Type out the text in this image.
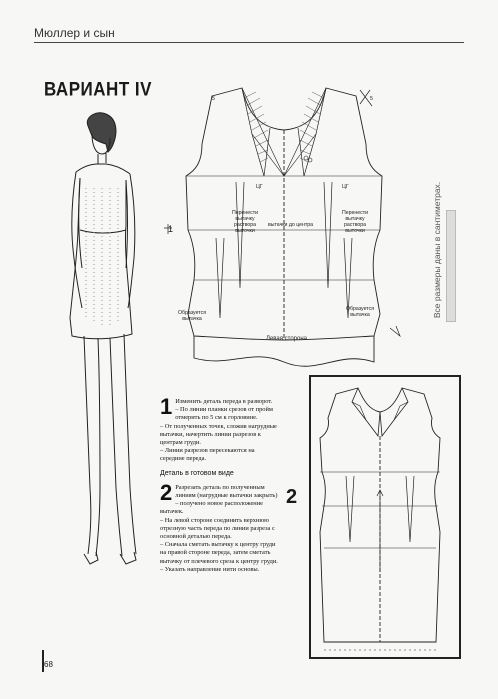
Мюллер и сын
ВАРИАНТ IV	5	5
ЦГ	ЦГ
Перенести
вытачку
раствора
выточки
вытачки до центра
Перенести
вытачку
раствора
выточки
1
Образуется
вытачка
Образуется
вытачка
Левая сторона
Все размеры даны в сантиметрах.

1 Изменить деталь переда в разворот.

– По линии планки срезов от пройм отмерить по 5 см к горловине.

– От полученных точек, сложив нагрудные вытачки, начертить линии разрезов к центрам груди.

– Линии разрезов пересекаются на середине переда.

Деталь в готовом виде

2 Разрезать деталь по полученным линиям (нагрудные вытачки закрыть) – получено новое расположение вытачек.

– На левой стороне соединить верхнюю отрезную часть переда по линии разреза с основной деталью переда.

– Сначала сметать вытачку к центру груди на правой стороне переда, затем сметать вытачку от плечевого среза к центру груди.

– Указать направление нити основы.

2
68
